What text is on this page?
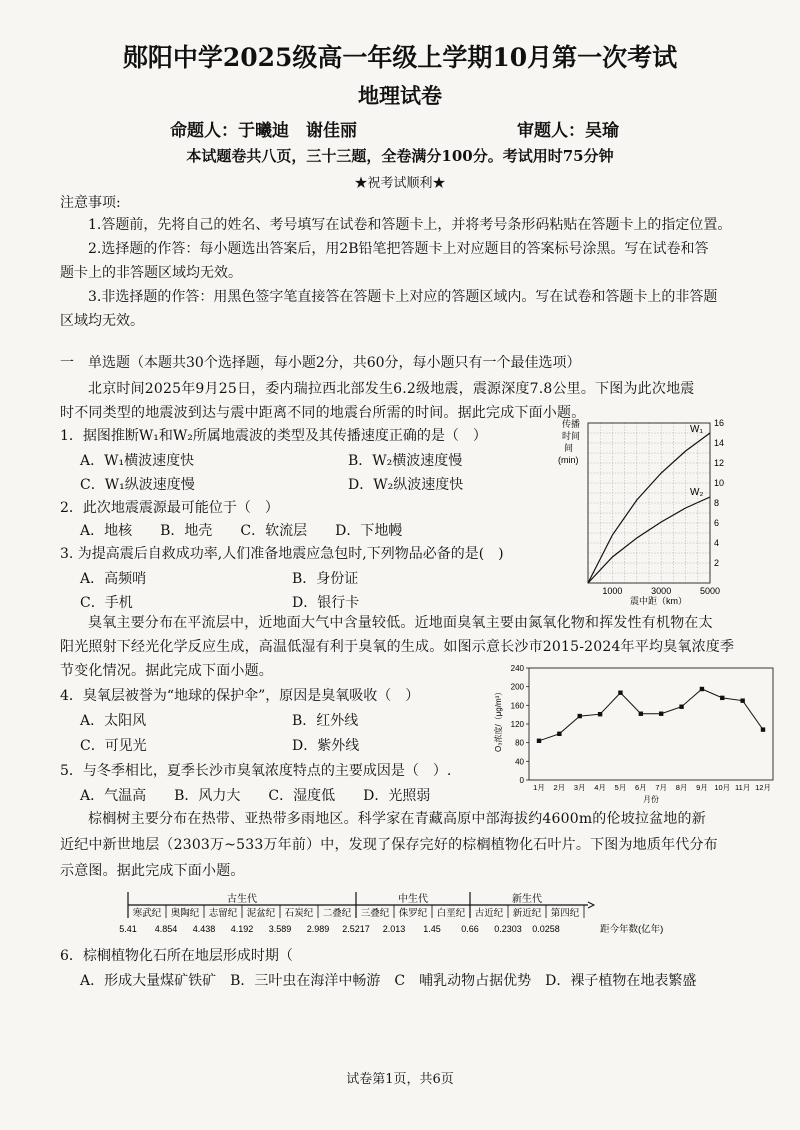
郧阳中学2025级高一年级上学期10月第一次考试
地理试卷
命题人：于曦迪　谢佳丽	审题人：吴瑜
本试题卷共八页，三十三题，全卷满分100分。考试用时75分钟
★祝考试顺利★
注意事项:
1.答题前，先将自己的姓名、考号填写在试卷和答题卡上，并将考号条形码粘贴在答题卡上的指定位置。
2.选择题的作答：每小题选出答案后，用2B铅笔把答题卡上对应题目的答案标号涂黑。写在试卷和答
题卡上的非答题区域均无效。
3.非选择题的作答：用黑色签字笔直接答在答题卡上对应的答题区域内。写在试卷和答题卡上的非答题
区域均无效。
一　单选题（本题共30个选择题，每小题2分，共60分，每小题只有一个最佳选项）
北京时间2025年9月25日，委内瑞拉西北部发生6.2级地震，震源深度7.8公里。下图为此次地震
时不同类型的地震波到达与震中距离不同的地震台所需的时间。据此完成下面小题。
1．据图推断W₁和W₂所属地震波的类型及其传播速度正确的是（　）
A．W₁横波速度快	B．W₂横波速度慢
C．W₁纵波速度慢	D．W₂纵波速度快
2．此次地震震源最可能位于（　）
A．地核　　B．地壳　　C．软流层　　D．下地幔
3. 为提高震后自救成功率,人们准备地震应急包时,下列物品必备的是(　)
A．高频哨	B．身份证
C．手机	D．银行卡
W₁
W₂
2
4
6
8
10
12
14
16
1000	3000	5000
传播
时间
间
(min)
震中距（km）
臭氧主要分布在平流层中，近地面大气中含量较低。近地面臭氧主要由氮氧化物和挥发性有机物在太
阳光照射下经光化学反应生成，高温低湿有利于臭氧的生成。如图示意长沙市2015-2024年平均臭氧浓度季
节变化情况。据此完成下面小题。
4．臭氧层被誉为“地球的保护伞”，原因是臭氧吸收（　）
A．太阳风	B．红外线
C．可见光	D．紫外线
5．与冬季相比，夏季长沙市臭氧浓度特点的主要成因是（　）.
A．气温高　　B．风力大　　C．湿度低　　D．光照弱
0
40
80
120
160
200
240
1月 2月 3月 4月 5月 6月 7月 8月 9月 10月 11月 12月
O₃浓度/（μg/m³）
月份
棕榈树主要分布在热带、亚热带多雨地区。科学家在青藏高原中部海拔约4600m的伦坡拉盆地的新
近纪中新世地层（2303万~533万年前）中，发现了保存完好的棕榈植物化石叶片。下图为地质年代分布
示意图。据此完成下面小题。
古生代	中生代	新生代
寒武纪 奥陶纪 志留纪 泥盆纪 石炭纪 二叠纪 三叠纪 侏罗纪 白垩纪 古近纪 新近纪 第四纪
5.41 4.854 4.438 4.192 3.589 2.989 2.5217 2.013 1.45 0.66 0.2303 0.0258	距今年数(亿年)
6．棕榈植物化石所在地层形成时期（
A．形成大量煤矿铁矿　B．三叶虫在海洋中畅游　C　哺乳动物占据优势　D．裸子植物在地表繁盛
试卷第1页，共6页
